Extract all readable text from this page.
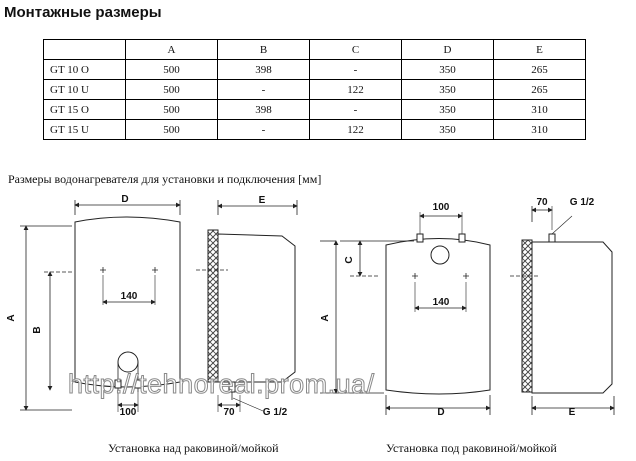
Монтажные размеры
	A	B	C	D	E
GT 10 O	500	398	-	350	265
GT 10 U	500	-	122	350	265
GT 15 O	500	398	-	350	310
GT 15 U	500	-	122	350	310
Размеры водонагревателя для установки и подключения [мм]
D
A
B
140
100
E
70	G 1/2
100
C
A
140
D
70 G 1/2
E
http://tehnoreal.prom.ua/
Установка над раковиной/мойкой	Установка под раковиной/мойкой
